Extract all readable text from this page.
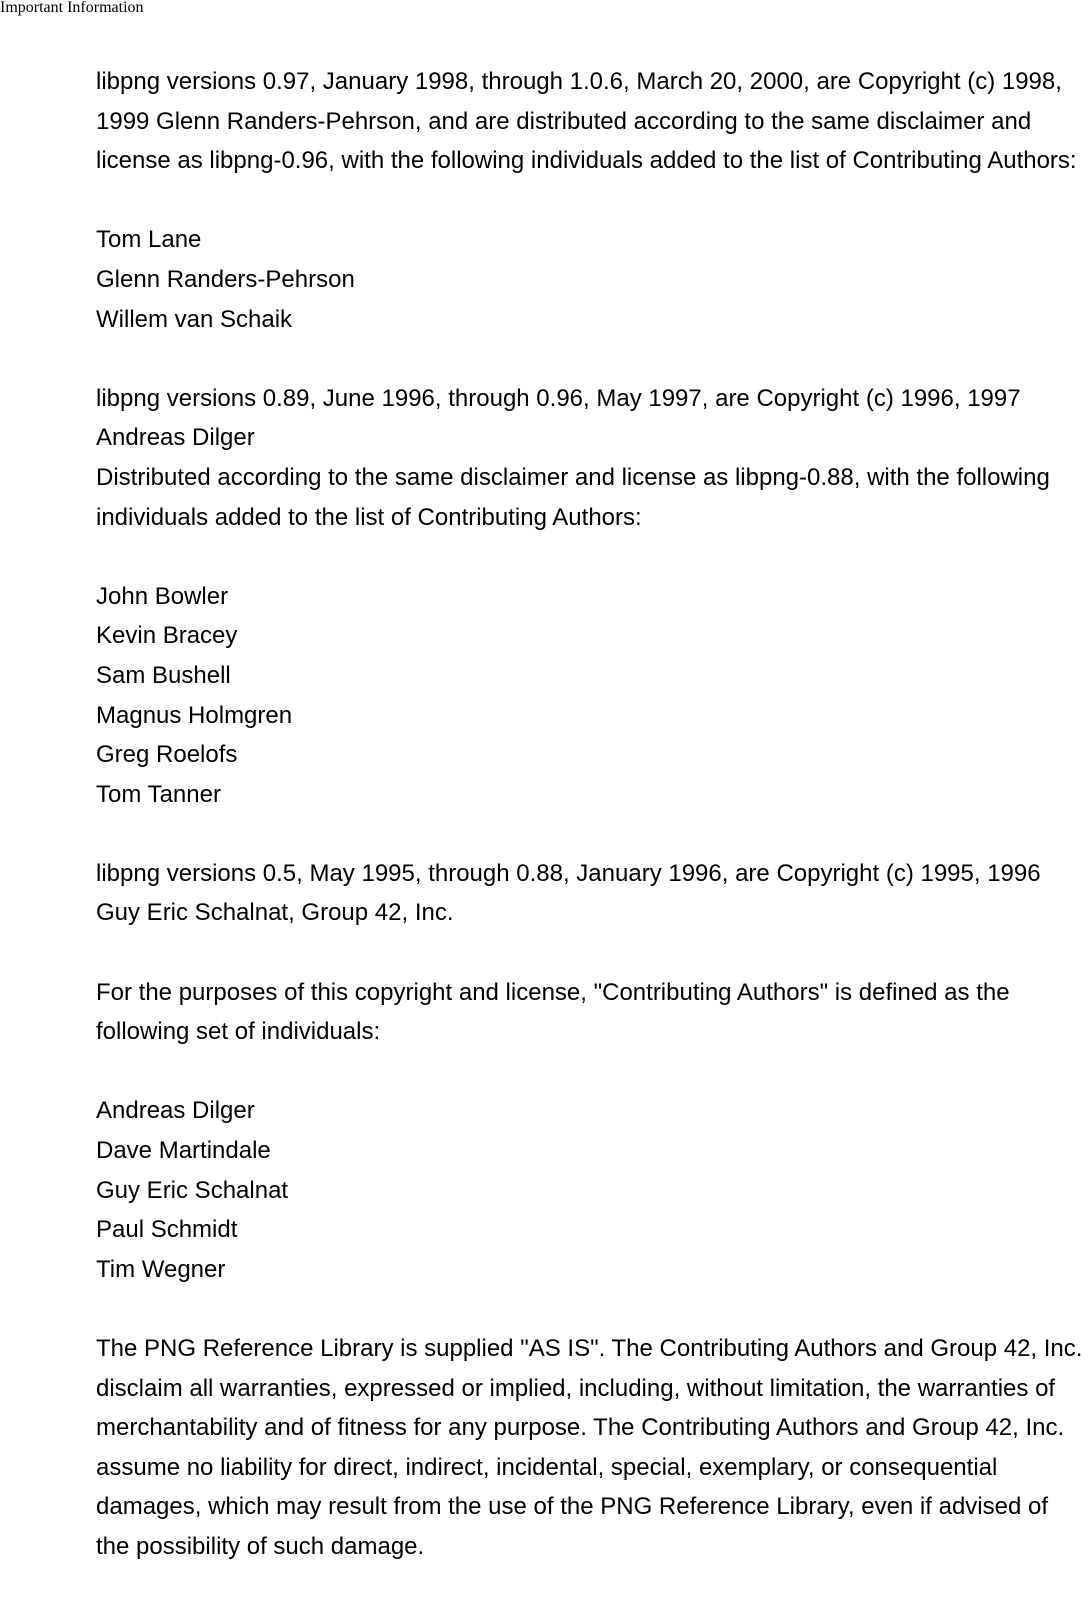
Important Information

libpng versions 0.97, January 1998, through 1.0.6, March 20, 2000, are Copyright (c) 1998, 1999 Glenn Randers-Pehrson, and are distributed according to the same disclaimer and license as libpng-0.96, with the following individuals added to the list of Contributing Authors:

Tom Lane
Glenn Randers-Pehrson
Willem van Schaik
libpng versions 0.89, June 1996, through 0.96, May 1997, are Copyright (c) 1996, 1997 Andreas Dilger
Distributed according to the same disclaimer and license as libpng-0.88, with the following individuals added to the list of Contributing Authors:
John Bowler
Kevin Bracey
Sam Bushell
Magnus Holmgren
Greg Roelofs
Tom Tanner

libpng versions 0.5, May 1995, through 0.88, January 1996, are Copyright (c) 1995, 1996 Guy Eric Schalnat, Group 42, Inc.

For the purposes of this copyright and license, "Contributing Authors" is defined as the following set of individuals:

Andreas Dilger
Dave Martindale
Guy Eric Schalnat
Paul Schmidt
Tim Wegner

The PNG Reference Library is supplied "AS IS". The Contributing Authors and Group 42, Inc. disclaim all warranties, expressed or implied, including, without limitation, the warranties of merchantability and of fitness for any purpose. The Contributing Authors and Group 42, Inc. assume no liability for direct, indirect, incidental, special, exemplary, or consequential damages, which may result from the use of the PNG Reference Library, even if advised of the possibility of such damage.
